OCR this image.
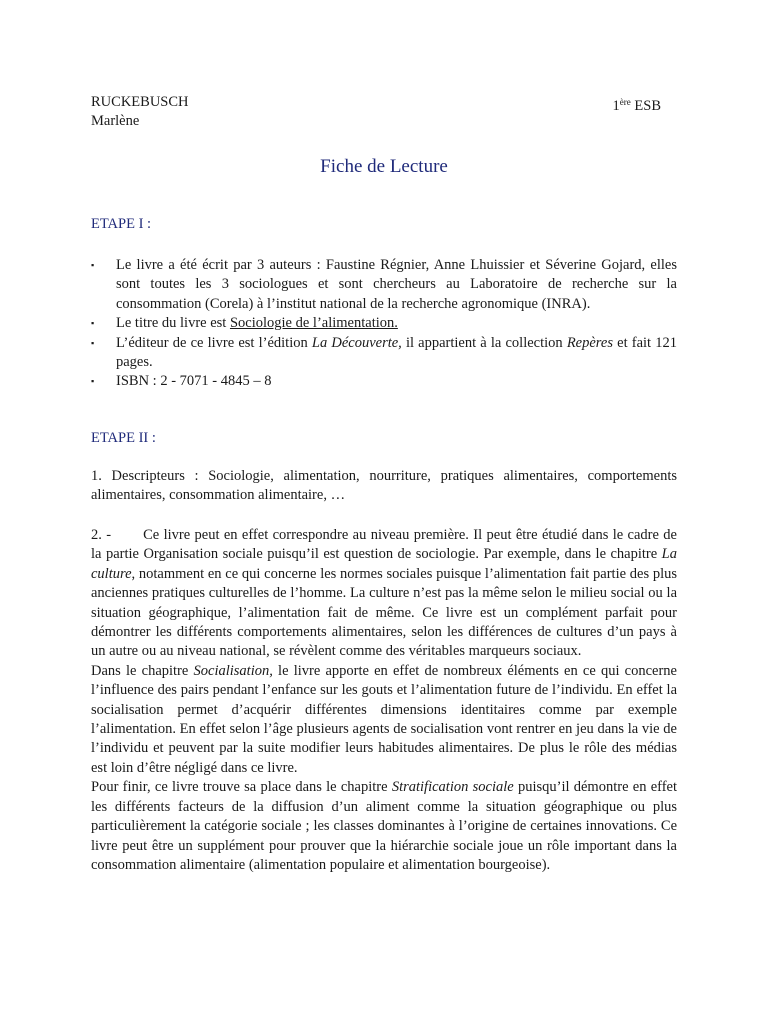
RUCKEBUSCH
Marlène
1ère ESB
Fiche de Lecture
ETAPE I :
▪ Le livre a été écrit par 3 auteurs : Faustine Régnier, Anne Lhuissier et Séverine Gojard, elles sont toutes les 3 sociologues et sont chercheurs au Laboratoire de recherche sur la consommation (Corela) à l’institut national de la recherche agronomique (INRA).
▪ Le titre du livre est Sociologie de l’alimentation.
▪ L’éditeur de ce livre est l’édition La Découverte, il appartient à la collection Repères et fait 121 pages.
▪ ISBN : 2 - 7071 - 4845 – 8
ETAPE II :
1. Descripteurs : Sociologie, alimentation, nourriture, pratiques alimentaires, comportements alimentaires, consommation alimentaire, …

2. - Ce livre peut en effet correspondre au niveau première. Il peut être étudié dans le cadre de la partie Organisation sociale puisqu’il est question de sociologie. Par exemple, dans le chapitre La culture, notamment en ce qui concerne les normes sociales puisque l’alimentation fait partie des plus anciennes pratiques culturelles de l’homme. La culture n’est pas la même selon le milieu social ou la situation géographique, l’alimentation fait de même. Ce livre est un complément parfait pour démontrer les différents comportements alimentaires, selon les différences de cultures d’un pays à un autre ou au niveau national, se révèlent comme des véritables marqueurs sociaux.

Dans le chapitre Socialisation, le livre apporte en effet de nombreux éléments en ce qui concerne l’influence des pairs pendant l’enfance sur les gouts et l’alimentation future de l’individu. En effet la socialisation permet d’acquérir différentes dimensions identitaires comme par exemple l’alimentation. En effet selon l’âge plusieurs agents de socialisation vont rentrer en jeu dans la vie de l’individu et peuvent par la suite modifier leurs habitudes alimentaires. De plus le rôle des médias est loin d’être négligé dans ce livre.

Pour finir, ce livre trouve sa place dans le chapitre Stratification sociale puisqu’il démontre en effet les différents facteurs de la diffusion d’un aliment comme la situation géographique ou plus particulièrement la catégorie sociale ; les classes dominantes à l’origine de certaines innovations. Ce livre peut être un supplément pour prouver que la hiérarchie sociale joue un rôle important dans la consommation alimentaire (alimentation populaire et alimentation bourgeoise).
